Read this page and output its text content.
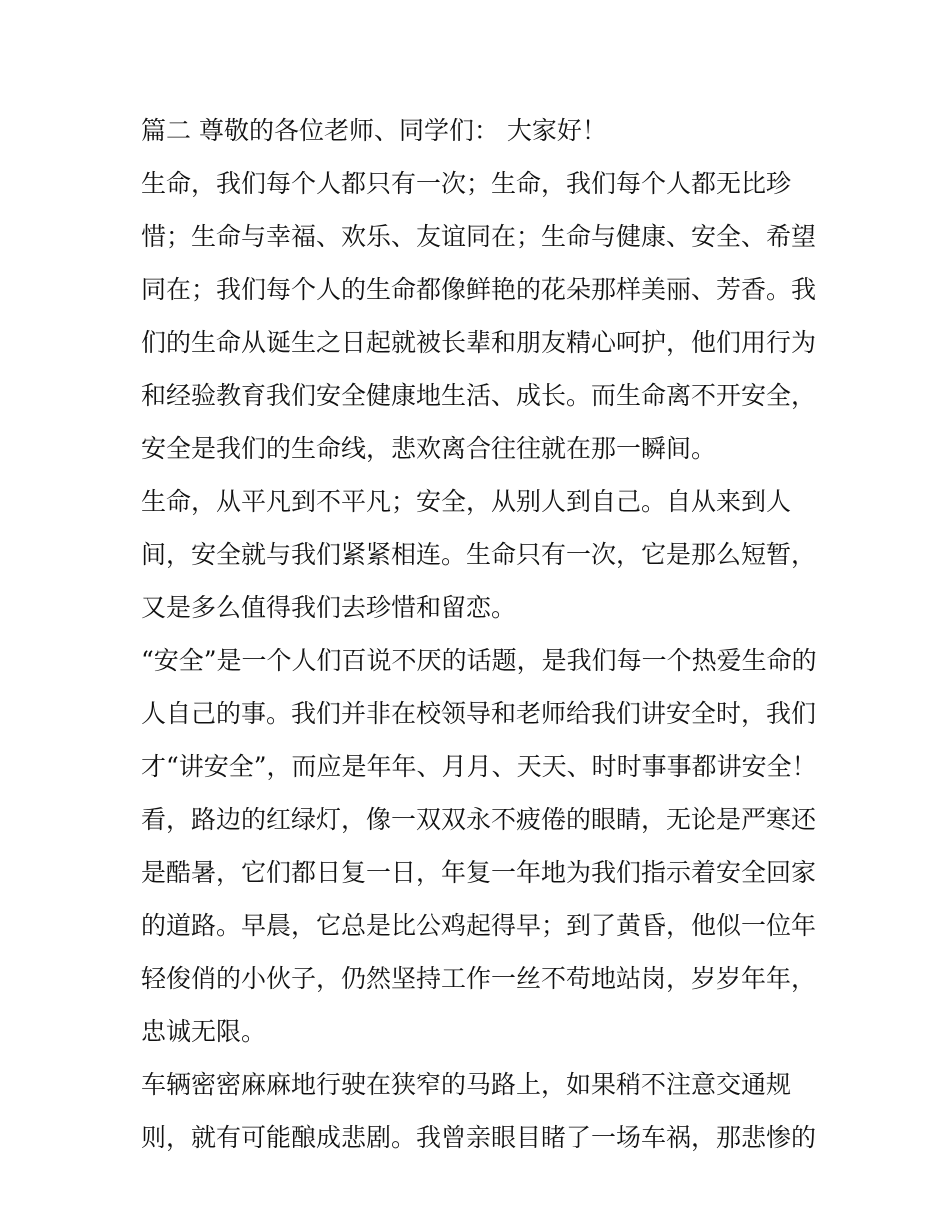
篇二 尊敬的各位老师、同学们： 大家好！
生命，我们每个人都只有一次；生命，我们每个人都无比珍
惜；生命与幸福、欢乐、友谊同在；生命与健康、安全、希望
同在；我们每个人的生命都像鲜艳的花朵那样美丽、芳香。我
们的生命从诞生之日起就被长辈和朋友精心呵护，他们用行为
和经验教育我们安全健康地生活、成长。而生命离不开安全，
安全是我们的生命线，悲欢离合往往就在那一瞬间。
生命，从平凡到不平凡；安全，从别人到自己。自从来到人
间，安全就与我们紧紧相连。生命只有一次，它是那么短暂，
又是多么值得我们去珍惜和留恋。
“安全”是一个人们百说不厌的话题，是我们每一个热爱生命的
人自己的事。我们并非在校领导和老师给我们讲安全时，我们
才“讲安全”，而应是年年、月月、天天、时时事事都讲安全！
看，路边的红绿灯，像一双双永不疲倦的眼睛，无论是严寒还
是酷暑，它们都日复一日，年复一年地为我们指示着安全回家
的道路。早晨，它总是比公鸡起得早；到了黄昏，他似一位年
轻俊俏的小伙子，仍然坚持工作一丝不苟地站岗，岁岁年年，
忠诚无限。
车辆密密麻麻地行驶在狭窄的马路上，如果稍不注意交通规
则，就有可能酿成悲剧。我曾亲眼目睹了一场车祸，那悲惨的
